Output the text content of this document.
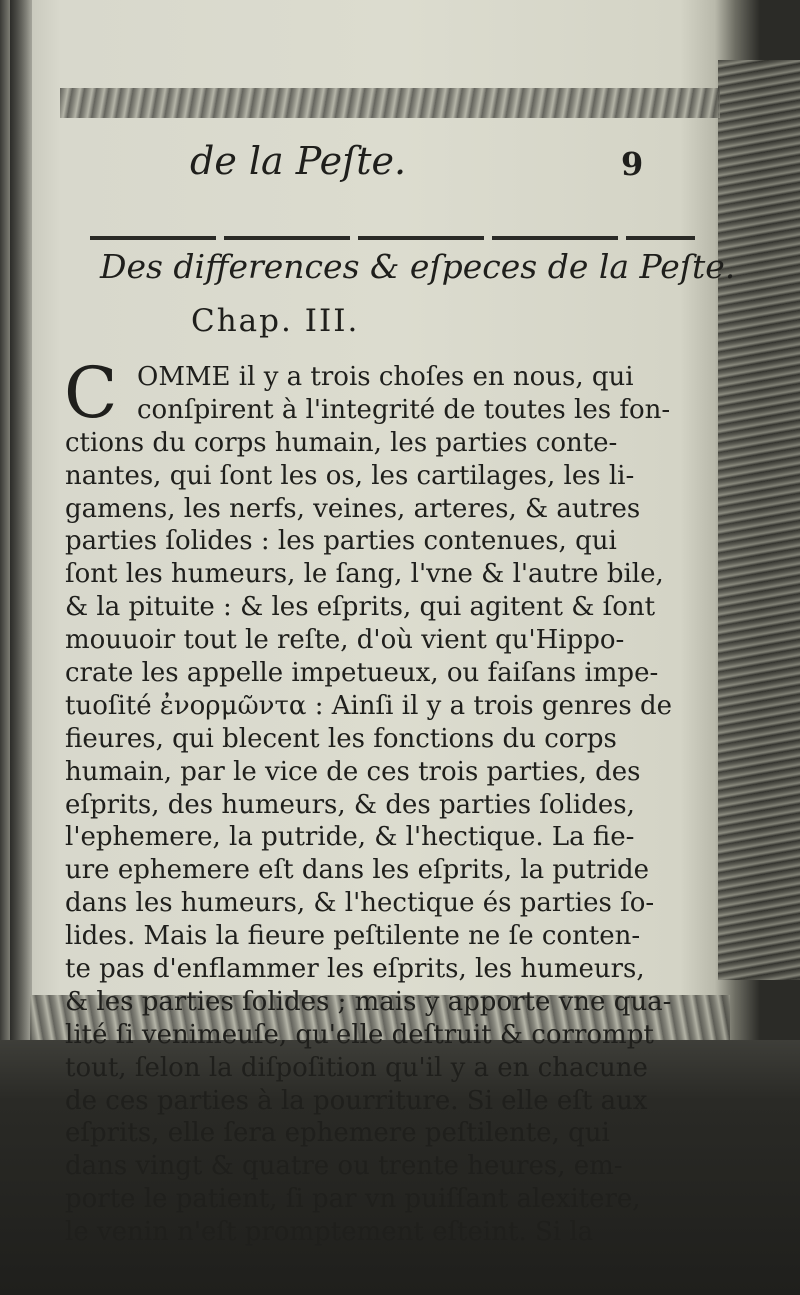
de la Peſte.	9
Des differences & eſpeces de la Peſte.
Chap. III.
C OMME il y a trois choſes en nous, qui
conſpirent à l'integrité de toutes les fon-
ctions du corps humain, les parties conte-
nantes, qui ſont les os, les cartilages, les li-
gamens, les nerfs, veines, arteres, & autres
parties ſolides : les parties contenues, qui
ſont les humeurs, le ſang, l'vne & l'autre bile,
& la pituite : & les eſprits, qui agitent & ſont
mouuoir tout le reſte, d'où vient qu'Hippo-
crate les appelle impetueux, ou faiſans impe-
tuoſité ἐνορμῶντα : Ainſi il y a trois genres de
fieures, qui blecent les fonctions du corps
humain, par le vice de ces trois parties, des
eſprits, des humeurs, & des parties ſolides,
l'ephemere, la putride, & l'hectique. La fie-
ure ephemere eſt dans les eſprits, la putride
dans les humeurs, & l'hectique és parties ſo-
lides. Mais la fieure peſtilente ne ſe conten-
te pas d'enflammer les eſprits, les humeurs,
& les parties ſolides ; mais y apporte vne qua-
lité ſi venimeuſe, qu'elle deſtruit & corrompt
tout, ſelon la diſpoſition qu'il y a en chacune
de ces parties à la pourriture. Si elle eſt aux
eſprits, elle ſera ephemere peſtilente, qui
dans vingt & quatre ou trente heures, em-
porte le patient, ſi par vn puiſſant alexitere,
le venin n'eſt promptement eſteint. Si la
